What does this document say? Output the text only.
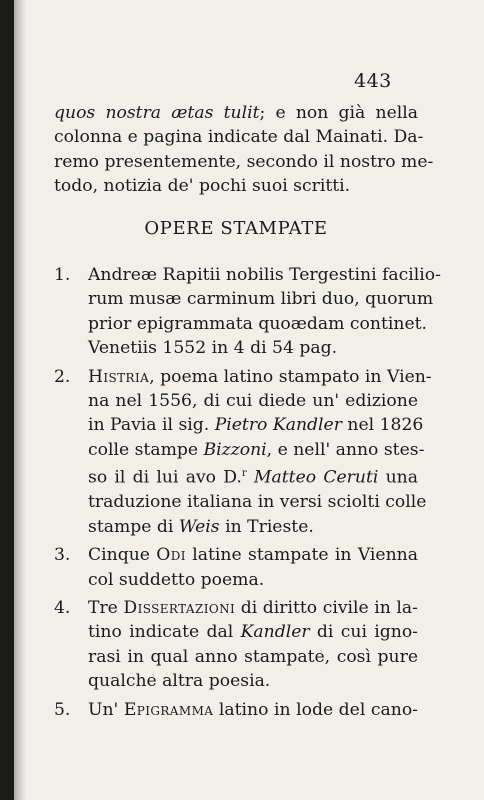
443
quos nostra ætas tulit; e non già nella
colonna e pagina indicate dal Mainati. Da-
remo presentemente, secondo il nostro me-
todo, notizia de' pochi suoi scritti.
OPERE STAMPATE
1. Andreæ Rapitii nobilis Tergestini facilio-
rum musæ carminum libri duo, quorum
prior epigrammata quoædam continet.
Venetiis 1552 in 4 di 54 pag.
2. Histria, poema latino stampato in Vien-
na nel 1556, di cui diede un' edizione
in Pavia il sig. Pietro Kandler nel 1826
colle stampe Bizzoni, e nell' anno stes-
so il di lui avo D.$^r$ Matteo Ceruti una
traduzione italiana in versi sciolti colle
stampe di Weis in Trieste.
3. Cinque Odi latine stampate in Vienna
col suddetto poema.
4. Tre Dissertazioni di diritto civile in la-
tino indicate dal Kandler di cui igno-
rasi in qual anno stampate, così pure
qualche altra poesia.
5. Un' Epigramma latino in lode del cano-
